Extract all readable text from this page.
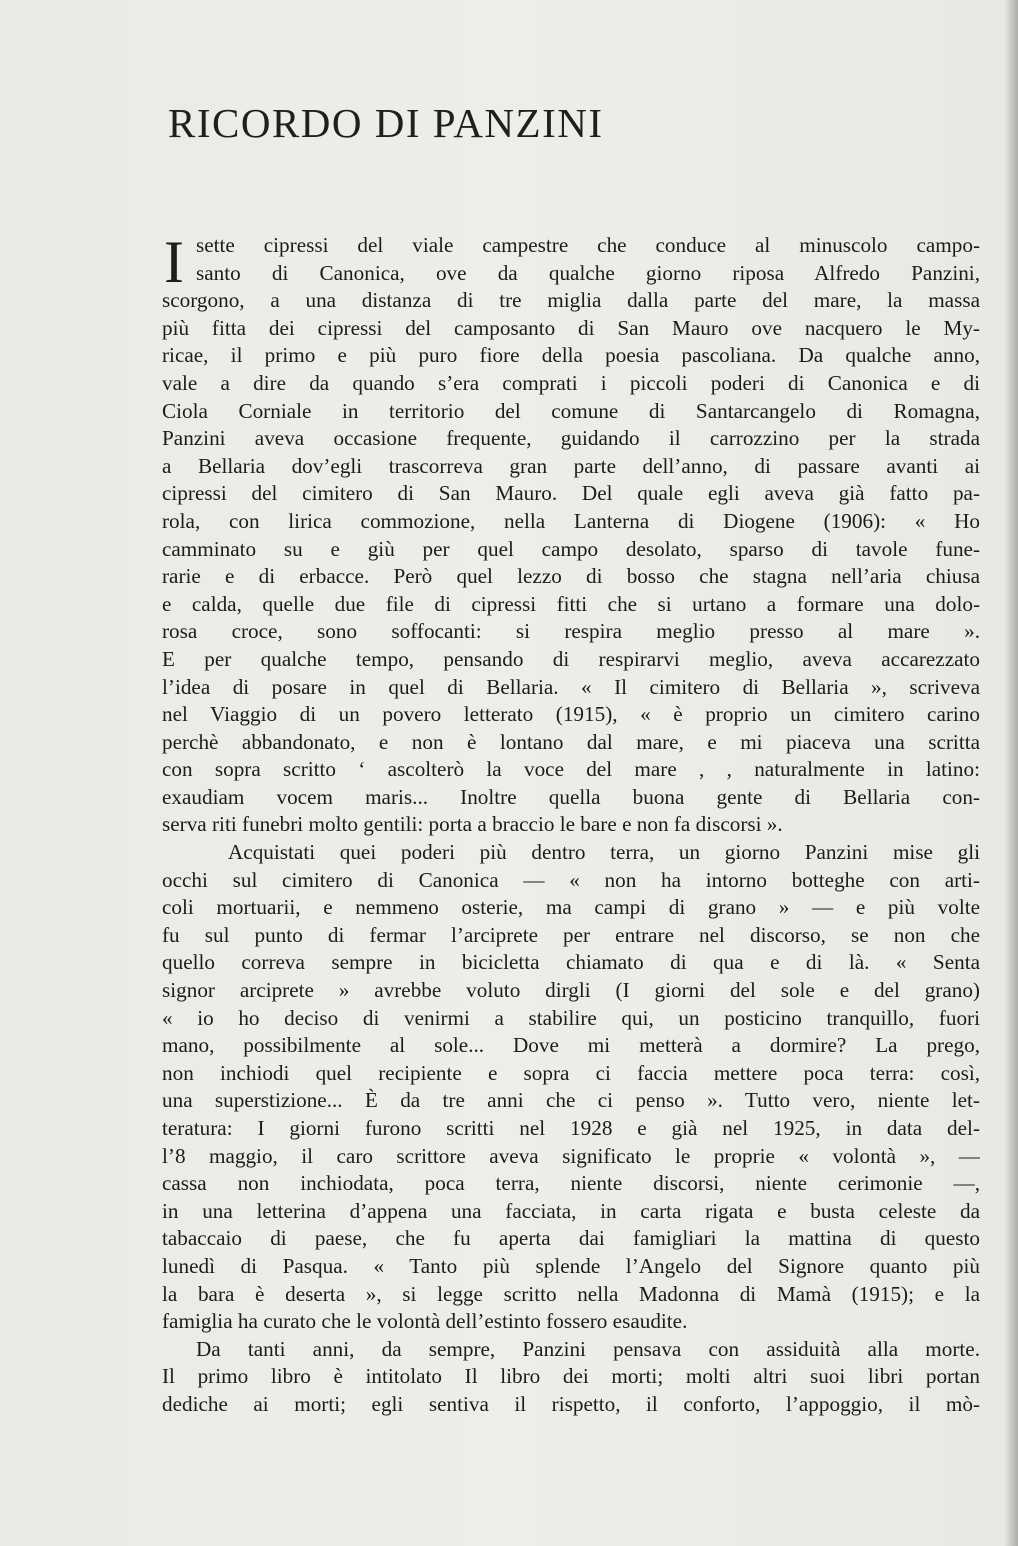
RICORDO DI PANZINI
I sette cipressi del viale campestre che conduce al minuscolo campo-
santo di Canonica, ove da qualche giorno riposa Alfredo Panzini,
scorgono, a una distanza di tre miglia dalla parte del mare, la massa
più fitta dei cipressi del camposanto di San Mauro ove nacquero le My-
ricae, il primo e più puro fiore della poesia pascoliana. Da qualche anno,
vale a dire da quando s’era comprati i piccoli poderi di Canonica e di
Ciola Corniale in territorio del comune di Santarcangelo di Romagna,
Panzini aveva occasione frequente, guidando il carrozzino per la strada
a Bellaria dov’egli trascorreva gran parte dell’anno, di passare avanti ai
cipressi del cimitero di San Mauro. Del quale egli aveva già fatto pa-
rola, con lirica commozione, nella Lanterna di Diogene (1906): « Ho
camminato su e giù per quel campo desolato, sparso di tavole fune-
rarie e di erbacce. Però quel lezzo di bosso che stagna nell’aria chiusa
e calda, quelle due file di cipressi fitti che si urtano a formare una dolo-
rosa croce, sono soffocanti: si respira meglio presso al mare ».
E per qualche tempo, pensando di respirarvi meglio, aveva accarezzato
l’idea di posare in quel di Bellaria. « Il cimitero di Bellaria », scriveva
nel Viaggio di un povero letterato (1915), « è proprio un cimitero carino
perchè abbandonato, e non è lontano dal mare, e mi piaceva una scritta
con sopra scritto ‘ ascolterò la voce del mare , , naturalmente in latino:
exaudiam vocem maris... Inoltre quella buona gente di Bellaria con-
serva riti funebri molto gentili: porta a braccio le bare e non fa discorsi ».
Acquistati quei poderi più dentro terra, un giorno Panzini mise gli
occhi sul cimitero di Canonica — « non ha intorno botteghe con arti-
coli mortuarii, e nemmeno osterie, ma campi di grano » — e più volte
fu sul punto di fermar l’arciprete per entrare nel discorso, se non che
quello correva sempre in bicicletta chiamato di qua e di là. « Senta
signor arciprete » avrebbe voluto dirgli (I giorni del sole e del grano)
« io ho deciso di venirmi a stabilire qui, un posticino tranquillo, fuori
mano, possibilmente al sole... Dove mi metterà a dormire? La prego,
non inchiodi quel recipiente e sopra ci faccia mettere poca terra: così,
una superstizione... È da tre anni che ci penso ». Tutto vero, niente let-
teratura: I giorni furono scritti nel 1928 e già nel 1925, in data del-
l’8 maggio, il caro scrittore aveva significato le proprie « volontà », —
cassa non inchiodata, poca terra, niente discorsi, niente cerimonie —,
in una letterina d’appena una facciata, in carta rigata e busta celeste da
tabaccaio di paese, che fu aperta dai famigliari la mattina di questo
lunedì di Pasqua. « Tanto più splende l’Angelo del Signore quanto più
la bara è deserta », si legge scritto nella Madonna di Mamà (1915); e la
famiglia ha curato che le volontà dell’estinto fossero esaudite.
Da tanti anni, da sempre, Panzini pensava con assiduità alla morte.
Il primo libro è intitolato Il libro dei morti; molti altri suoi libri portan
dediche ai morti; egli sentiva il rispetto, il conforto, l’appoggio, il mò-
